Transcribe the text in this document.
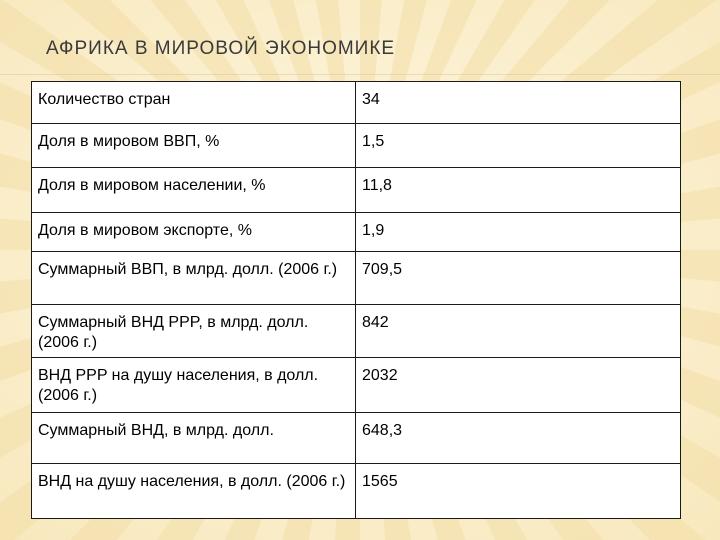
АФРИКА В МИРОВОЙ ЭКОНОМИКЕ
Количество стран	34
Доля в мировом ВВП, %	1,5
Доля в мировом населении, %	11,8
Доля в мировом экспорте, %	1,9
Суммарный ВВП, в млрд. долл. (2006 г.)	709,5
Суммарный ВНД PPP, в млрд. долл. (2006 г.)	842
ВНД PPP на душу населения, в долл. (2006 г.)	2032
Суммарный ВНД, в млрд. долл.	648,3
ВНД на душу населения, в долл. (2006 г.)	1565
